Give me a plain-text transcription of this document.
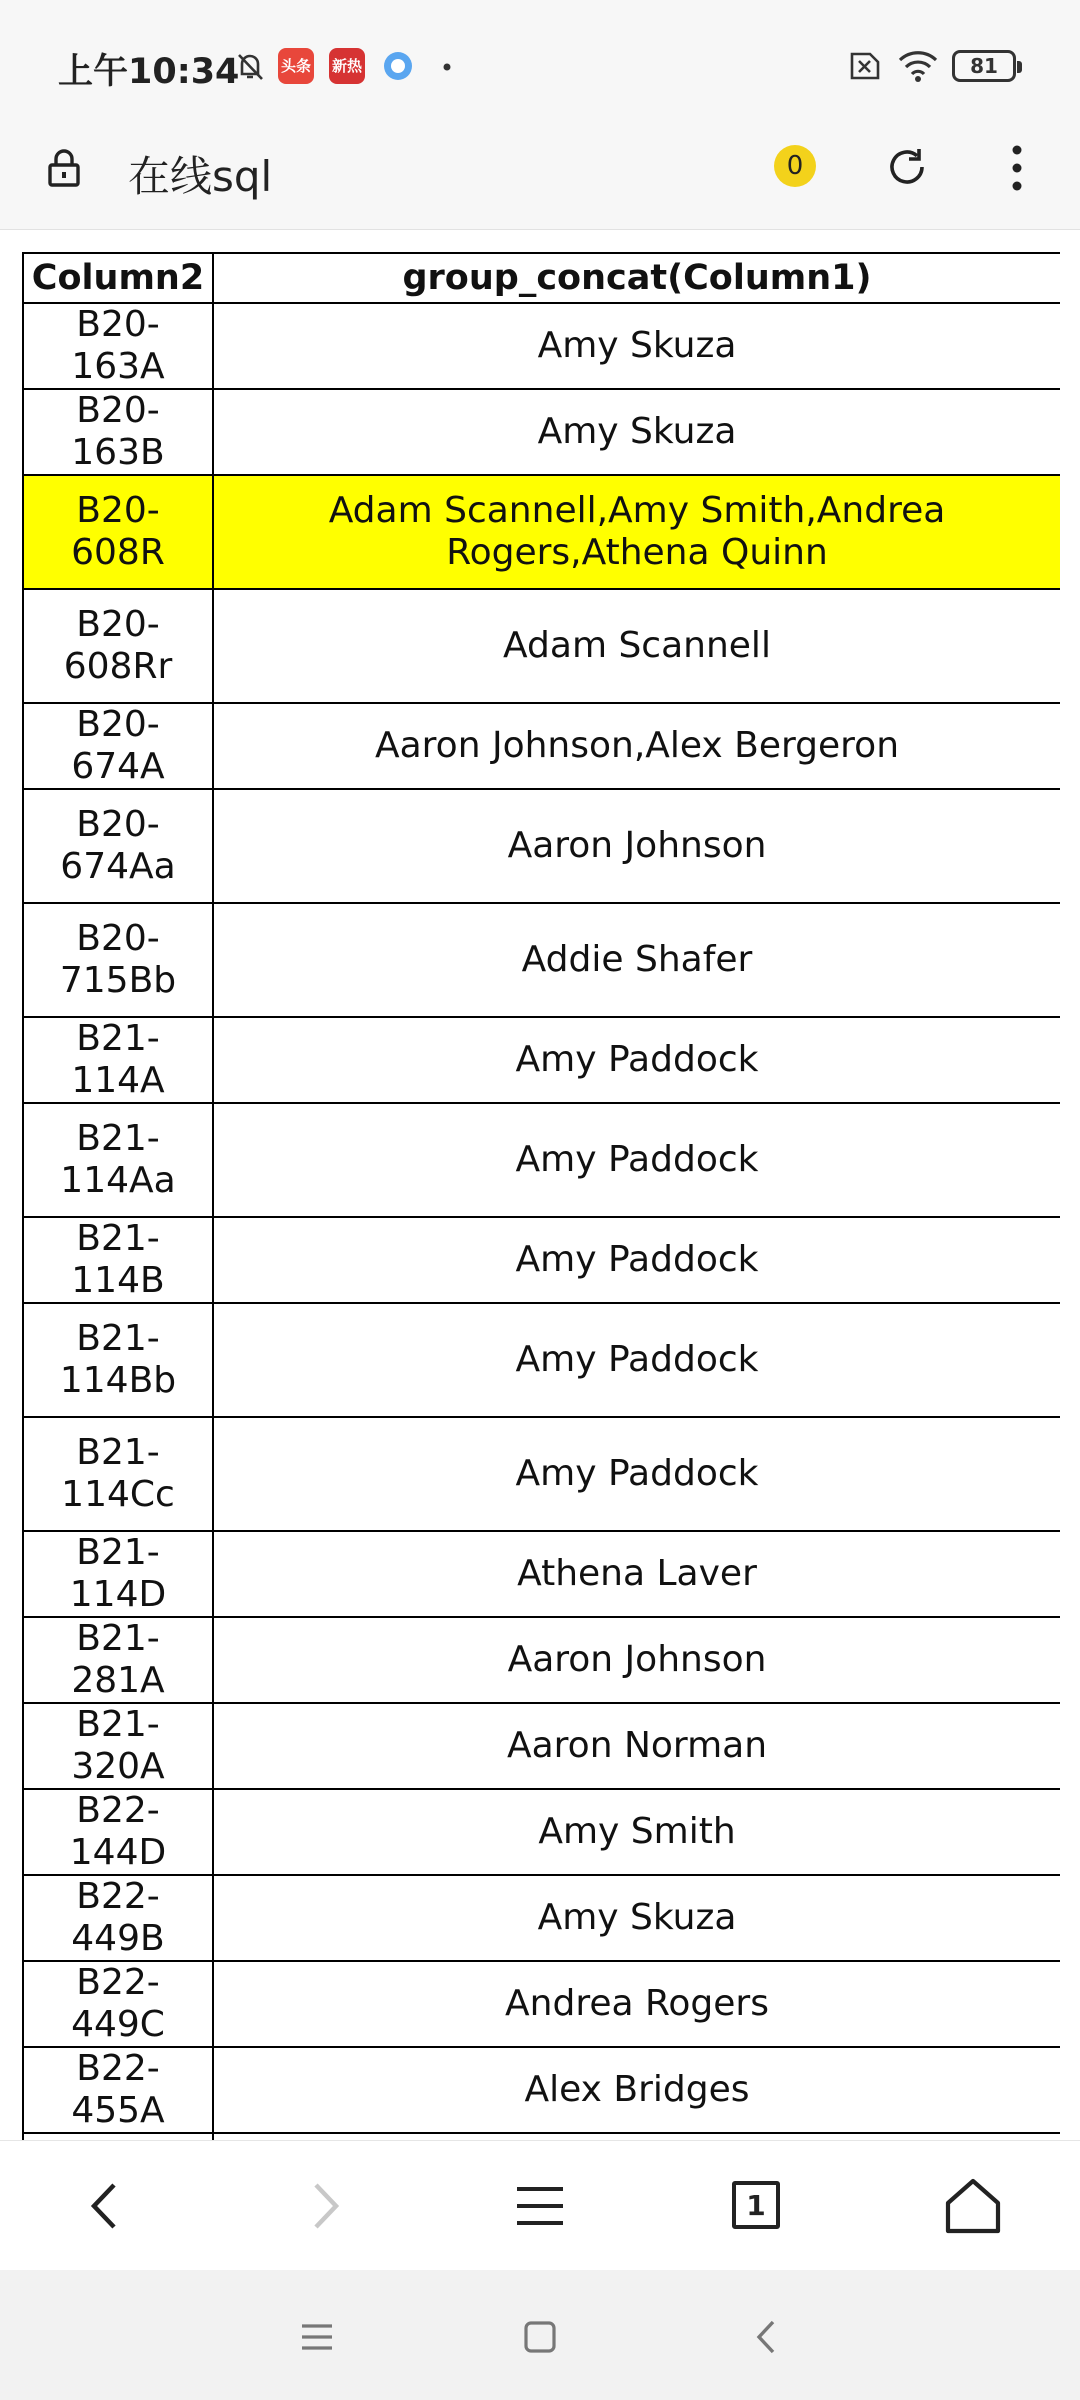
上午10:34	头条 新热	81
在线sql	0
Column2	group_concat(Column1)
B20-163A	Amy Skuza
B20-163B	Amy Skuza
B20-608R	Adam Scannell,Amy Smith,Andrea Rogers,Athena Quinn
B20-608Rr	Adam Scannell
B20-674A	Aaron Johnson,Alex Bergeron
B20-674Aa	Aaron Johnson
B20-715Bb	Addie Shafer
B21-114A	Amy Paddock
B21-114Aa	Amy Paddock
B21-114B	Amy Paddock
B21-114Bb	Amy Paddock
B21-114Cc	Amy Paddock
B21-114D	Athena Laver
B21-281A	Aaron Johnson
B21-320A	Aaron Norman
B22-144D	Amy Smith
B22-449B	Amy Skuza
B22-449C	Andrea Rogers
B22-455A	Alex Bridges

1
